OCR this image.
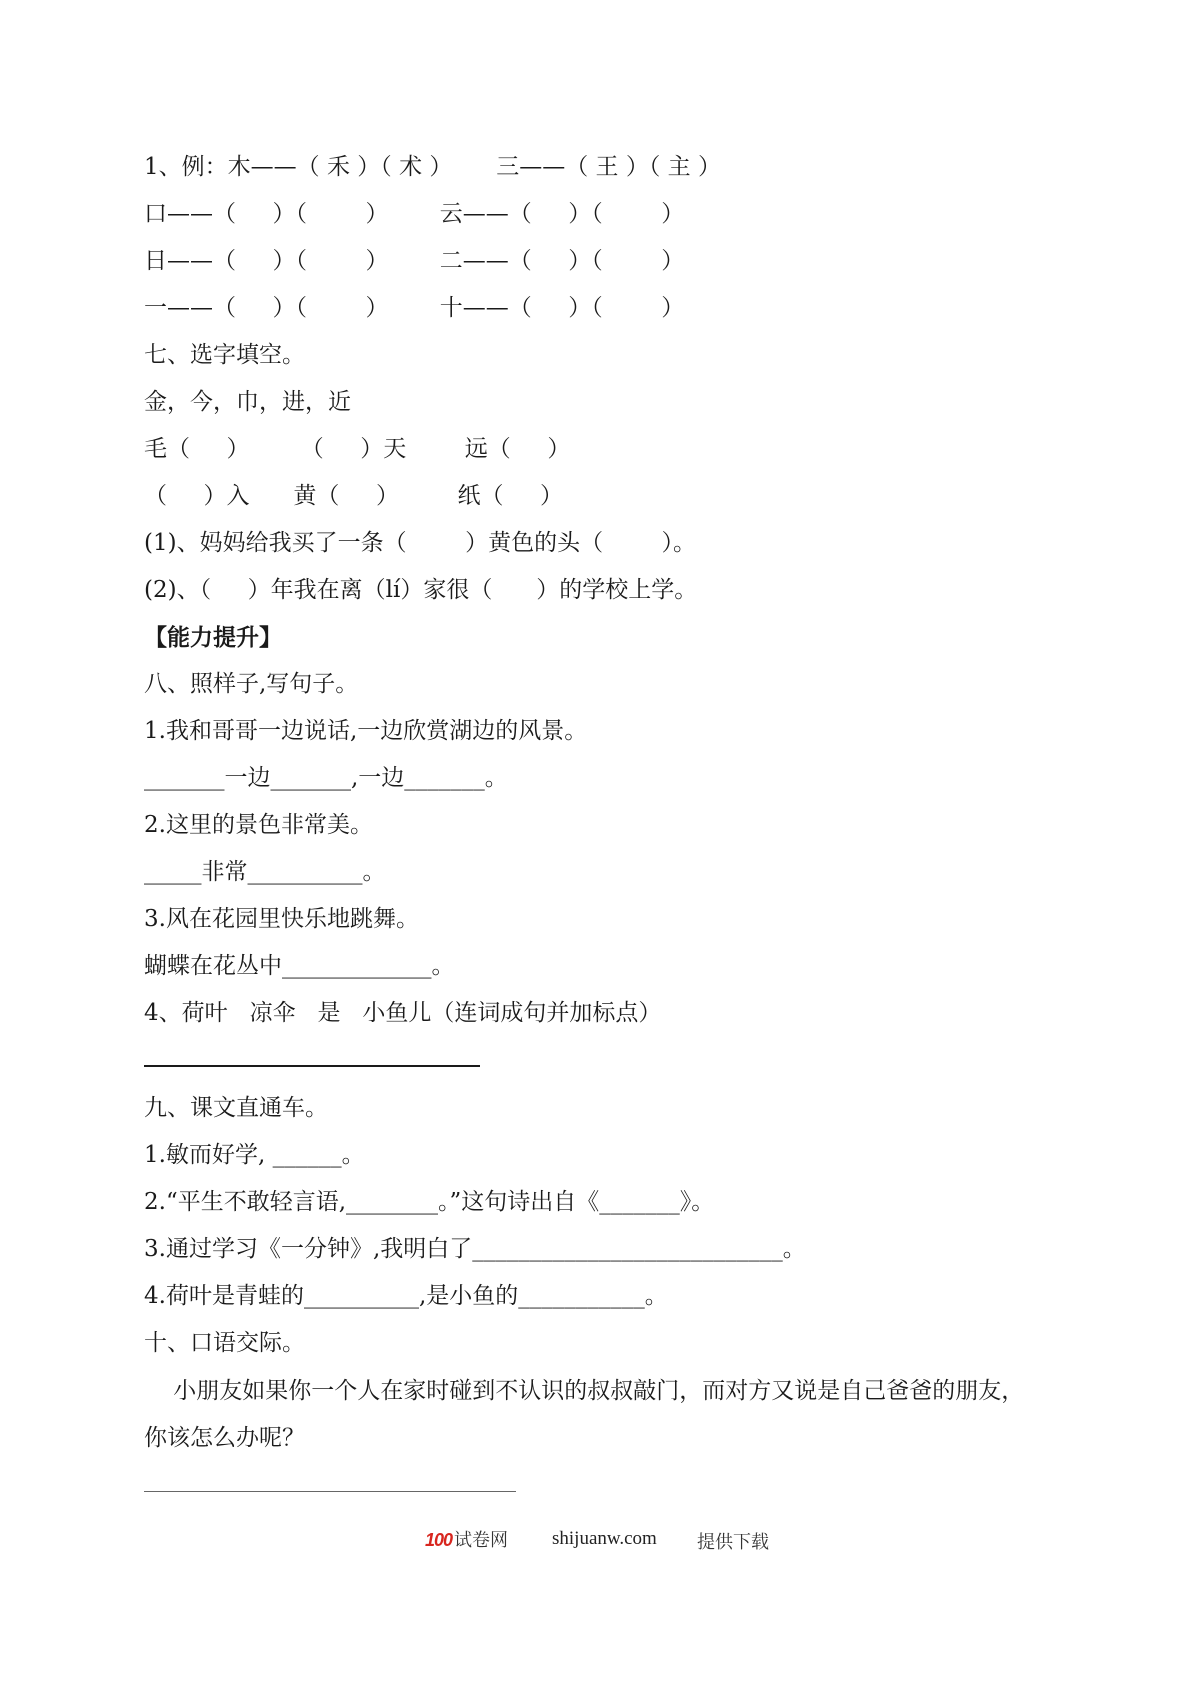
1、例：木——（ 禾 ）（ 术 ）      三——（ 王 ）（ 主 ）
口——（     ）（        ）       云——（     ）（        ）
日——（     ）（        ）       二——（     ）（        ）
一——（     ）（        ）       十——（     ）（        ）
七、选字填空。
金，今，巾，进，近
毛（     ）       （     ）天        远（     ）
（     ）入      黄（     ）        纸（     ）
(1)、妈妈给我买了一条（        ）黄色的头（        ）。
(2)、（     ）年我在离（lí）家很（      ）的学校上学。
【能力提升】
八、照样子,写句子。
1.我和哥哥一边说话,一边欣赏湖边的风景。
_______一边_______,一边_______。
2.这里的景色非常美。
_____非常__________。
3.风在花园里快乐地跳舞。
蝴蝶在花丛中_____________。
4、荷叶   凉伞   是   小鱼儿（连词成句并加标点）
九、课文直通车。
1.敏而好学, ______。
2.“平生不敢轻言语,________。”这句诗出自《_______》。
3.通过学习《一分钟》,我明白了___________________________。
4.荷叶是青蛙的__________,是小鱼的___________。
十、口语交际。
小朋友如果你一个人在家时碰到不认识的叔叔敲门，而对方又说是自己爸爸的朋友，
你该怎么办呢？
100 试卷网 shijuanw.com 提供下载
